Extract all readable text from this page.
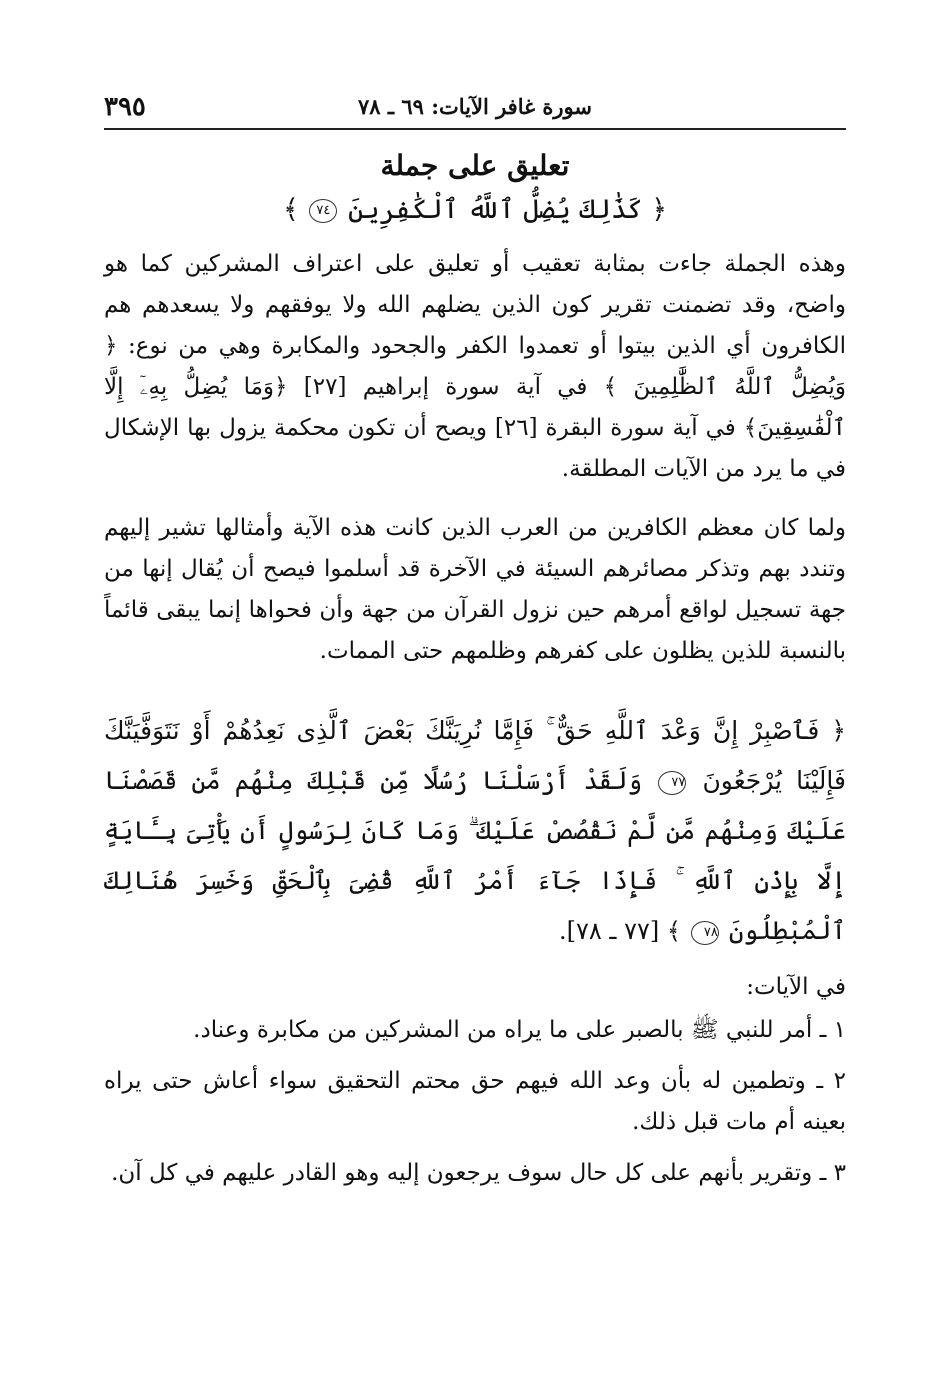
٣٩٥	سورة غافر الآيات: ٦٩ ـ ٧٨
تعليق على جملة
﴿ كَذَٰلِكَ يُضِلُّ ٱللَّهُ ٱلْكَٰفِرِينَ ٧٤ ﴾

وهذه الجملة جاءت بمثابة تعقيب أو تعليق على اعتراف المشركين كما هو واضح، وقد تضمنت تقرير كون الذين يضلهم الله ولا يوفقهم ولا يسعدهم هم الكافرون أي الذين بيتوا أو تعمدوا الكفر والجحود والمكابرة وهي من نوع: ﴿ وَيُضِلُّ ٱللَّهُ ٱلظَّٰلِمِينَ ﴾ في آية سورة إبراهيم [٢٧] ﴿وَمَا يُضِلُّ بِهِۦٓ إِلَّا ٱلْفَٰسِقِينَ﴾ في آية سورة البقرة [٢٦] ويصح أن تكون محكمة يزول بها الإشكال في ما يرد من الآيات المطلقة.

ولما كان معظم الكافرين من العرب الذين كانت هذه الآية وأمثالها تشير إليهم وتندد بهم وتذكر مصائرهم السيئة في الآخرة قد أسلموا فيصح أن يُقال إنها من جهة تسجيل لواقع أمرهم حين نزول القرآن من جهة وأن فحواها إنما يبقى قائماً بالنسبة للذين يظلون على كفرهم وظلمهم حتى الممات.

﴿ فَٱصْبِرْ إِنَّ وَعْدَ ٱللَّهِ حَقٌّ ۚ فَإِمَّا نُرِيَنَّكَ بَعْضَ ٱلَّذِى نَعِدُهُمْ أَوْ نَتَوَفَّيَنَّكَ فَإِلَيْنَا يُرْجَعُونَ ٧٧ وَلَقَدْ أَرْسَلْنَا رُسُلًا مِّن قَبْلِكَ مِنْهُم مَّن قَصَصْنَا عَلَيْكَ وَمِنْهُم مَّن لَّمْ نَقْصُصْ عَلَيْكَ ۗ وَمَا كَانَ لِرَسُولٍ أَن يَأْتِىَ بِـَٔايَةٍ إِلَّا بِإِذْنِ ٱللَّهِ ۚ فَإِذَا جَآءَ أَمْرُ ٱللَّهِ قُضِىَ بِٱلْحَقِّ وَخَسِرَ هُنَالِكَ ٱلْمُبْطِلُونَ ٧٨ ﴾ [٧٧ ـ ٧٨].

في الآيات:

١ ـ أمر للنبي ﷺ بالصبر على ما يراه من المشركين من مكابرة وعناد.

٢ ـ وتطمين له بأن وعد الله فيهم حق محتم التحقيق سواء أعاش حتى يراه بعينه أم مات قبل ذلك.

٣ ـ وتقرير بأنهم على كل حال سوف يرجعون إليه وهو القادر عليهم في كل آن.
